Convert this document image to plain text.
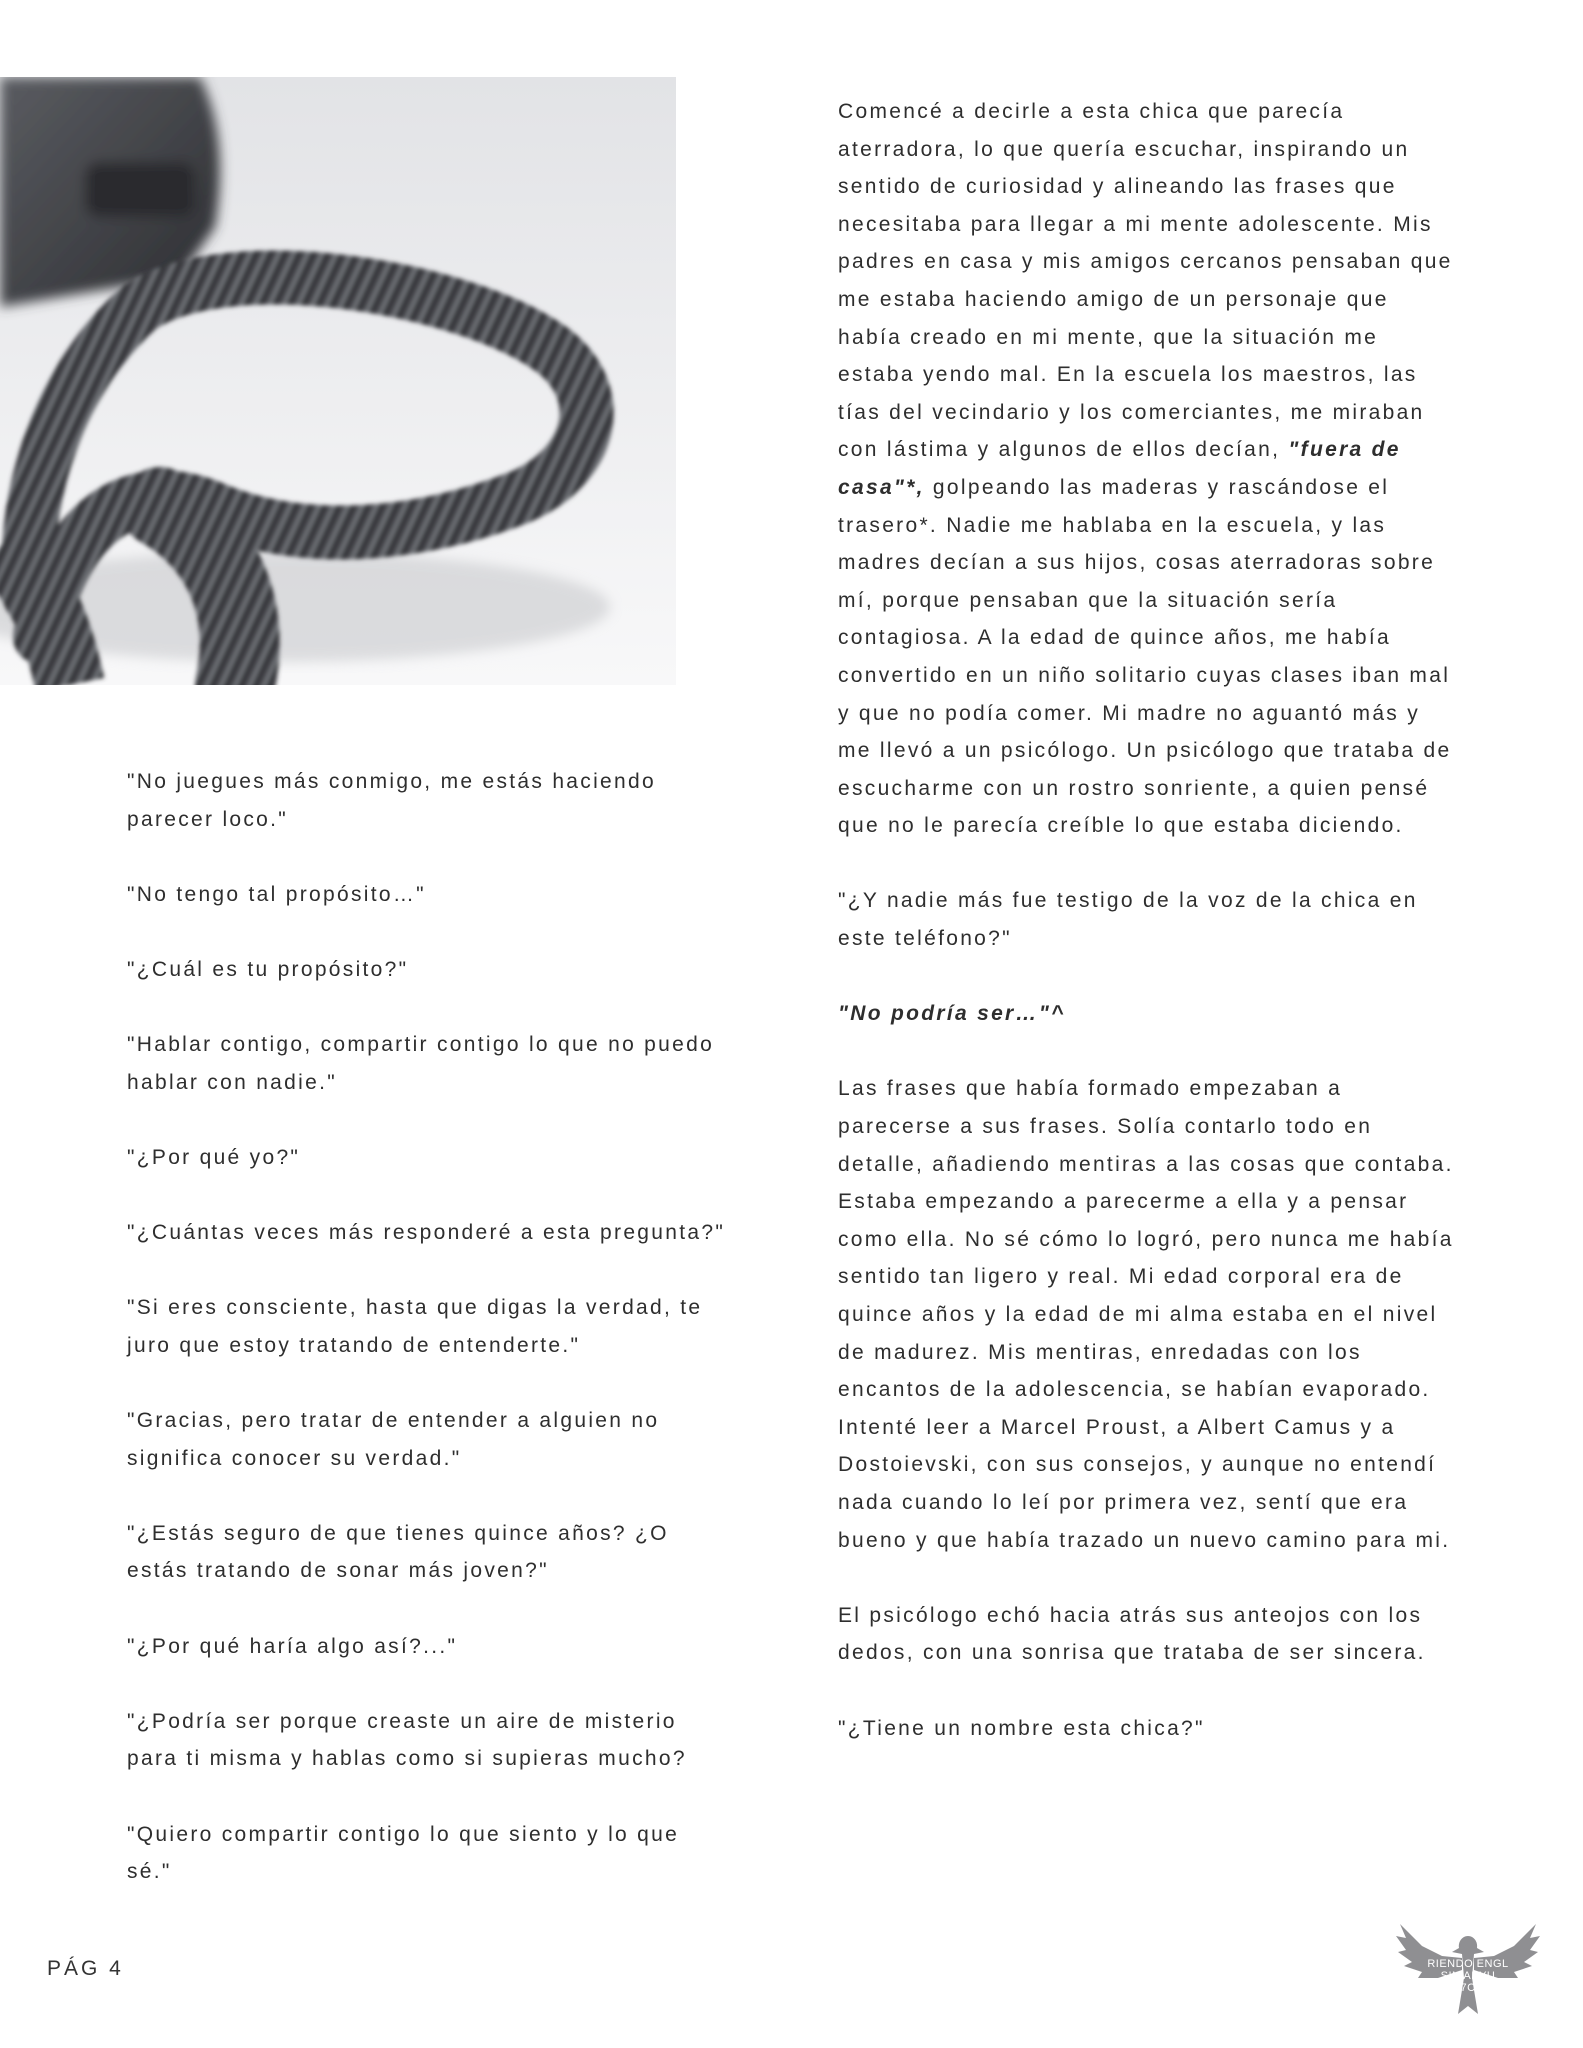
"No juegues más conmigo, me estás haciendo parecer loco."

"No tengo tal propósito…"

"¿Cuál es tu propósito?"

"Hablar contigo, compartir contigo lo que no puedo hablar con nadie."

"¿Por qué yo?"

"¿Cuántas veces más responderé a esta pregunta?"

"Si eres consciente, hasta que digas la verdad, te juro que estoy tratando de entenderte."

"Gracias, pero tratar de entender a alguien no significa conocer su verdad."

"¿Estás seguro de que tienes quince años? ¿O estás tratando de sonar más joven?"

"¿Por qué haría algo así?..."

"¿Podría ser porque creaste un aire de misterio para ti misma y hablas como si supieras mucho?

"Quiero compartir contigo lo que siento y lo que sé."

Comencé a decirle a esta chica que parecía aterradora, lo que quería escuchar, inspirando un sentido de curiosidad y alineando las frases que necesitaba para llegar a mi mente adolescente. Mis padres en casa y mis amigos cercanos pensaban que me estaba haciendo amigo de un personaje que había creado en mi mente, que la situación me estaba yendo mal. En la escuela los maestros, las tías del vecindario y los comerciantes, me miraban con lástima y algunos de ellos decían, "fuera de casa"*, golpeando las maderas y rascándose el trasero*. Nadie me hablaba en la escuela, y las madres decían a sus hijos, cosas aterradoras sobre mí, porque pensaban que la situación sería contagiosa. A la edad de quince años, me había convertido en un niño solitario cuyas clases iban mal y que no podía comer. Mi madre no aguantó más y me llevó a un psicólogo. Un psicólogo que trataba de escucharme con un rostro sonriente, a quien pensé que no le parecía creíble lo que estaba diciendo.

"¿Y nadie más fue testigo de la voz de la chica en este teléfono?"

"No podría ser…"^

Las frases que había formado empezaban a parecerse a sus frases. Solía contarlo todo en detalle, añadiendo mentiras a las cosas que contaba. Estaba empezando a parecerme a ella y a pensar como ella. No sé cómo lo logró, pero nunca me había sentido tan ligero y real. Mi edad corporal era de quince años y la edad de mi alma estaba en el nivel de madurez. Mis mentiras, enredadas con los encantos de la adolescencia, se habían evaporado. Intenté leer a Marcel Proust, a Albert Camus y a Dostoievski, con sus consejos, y aunque no entendí nada cuando lo leí por primera vez, sentí que era bueno y que había trazado un nuevo camino para mi.

El psicólogo echó hacia atrás sus anteojos con los dedos, con una sonrisa que trataba de ser sincera.

"¿Tiene un nombre esta chica?"

PÁG 4	RIENDO ENGL
SIN AKYU
7C
